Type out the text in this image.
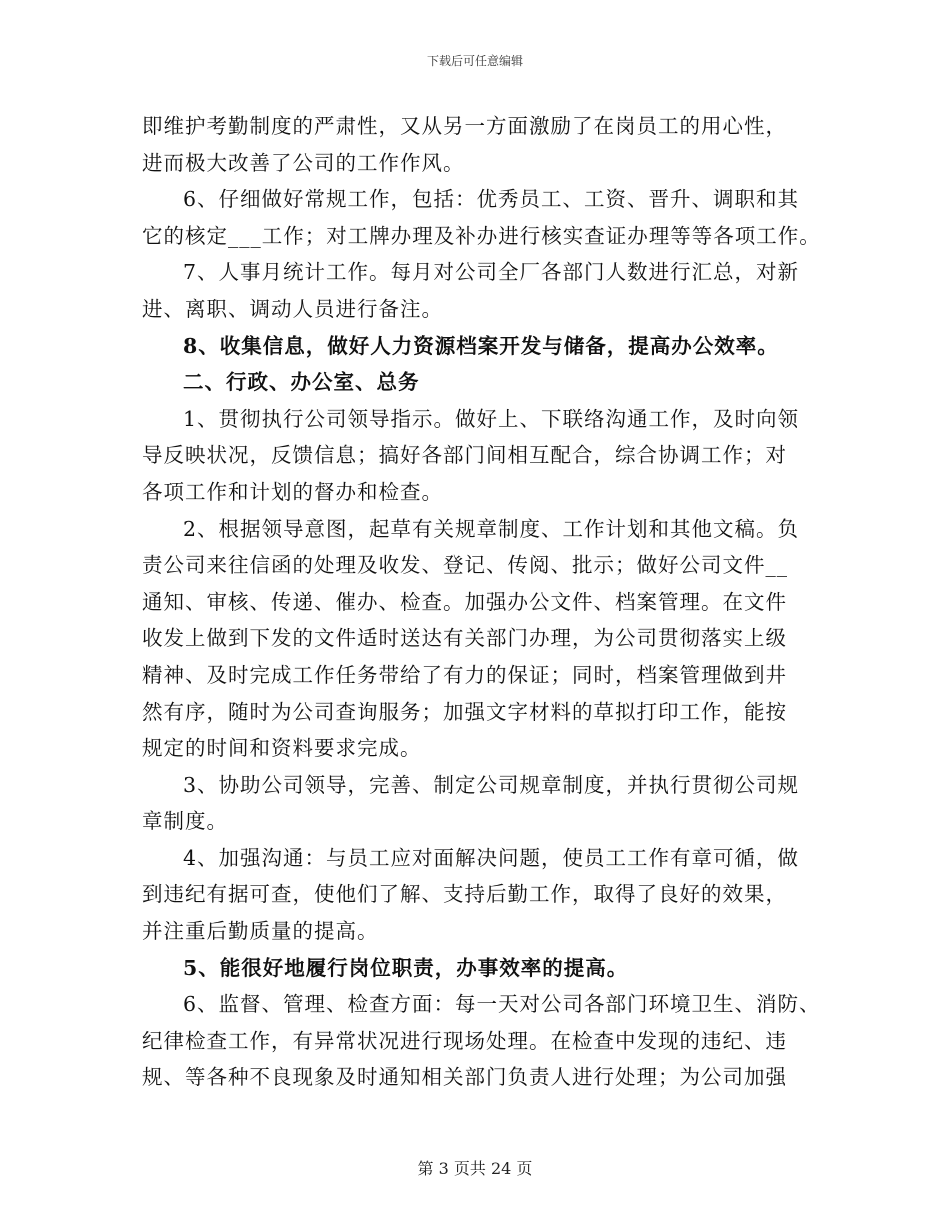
下载后可任意编辑
即维护考勤制度的严肃性，又从另一方面激励了在岗员工的用心性，
进而极大改善了公司的工作作风。
6、仔细做好常规工作，包括：优秀员工、工资、晋升、调职和其
它的核定___工作；对工牌办理及补办进行核实查证办理等等各项工作。
7、人事月统计工作。每月对公司全厂各部门人数进行汇总，对新
进、离职、调动人员进行备注。
8、收集信息，做好人力资源档案开发与储备，提高办公效率。
二、行政、办公室、总务
1、贯彻执行公司领导指示。做好上、下联络沟通工作，及时向领
导反映状况，反馈信息；搞好各部门间相互配合，综合协调工作；对
各项工作和计划的督办和检查。
2、根据领导意图，起草有关规章制度、工作计划和其他文稿。负
责公司来往信函的处理及收发、登记、传阅、批示；做好公司文件__
通知、审核、传递、催办、检查。加强办公文件、档案管理。在文件
收发上做到下发的文件适时送达有关部门办理，为公司贯彻落实上级
精神、及时完成工作任务带给了有力的保证；同时，档案管理做到井
然有序，随时为公司查询服务；加强文字材料的草拟打印工作，能按
规定的时间和资料要求完成。
3、协助公司领导，完善、制定公司规章制度，并执行贯彻公司规
章制度。
4、加强沟通：与员工应对面解决问题，使员工工作有章可循，做
到违纪有据可查，使他们了解、支持后勤工作，取得了良好的效果，
并注重后勤质量的提高。
5、能很好地履行岗位职责，办事效率的提高。
6、监督、管理、检查方面：每一天对公司各部门环境卫生、消防、
纪律检查工作，有异常状况进行现场处理。在检查中发现的违纪、违
规、等各种不良现象及时通知相关部门负责人进行处理；为公司加强
第 3 页共 24 页
